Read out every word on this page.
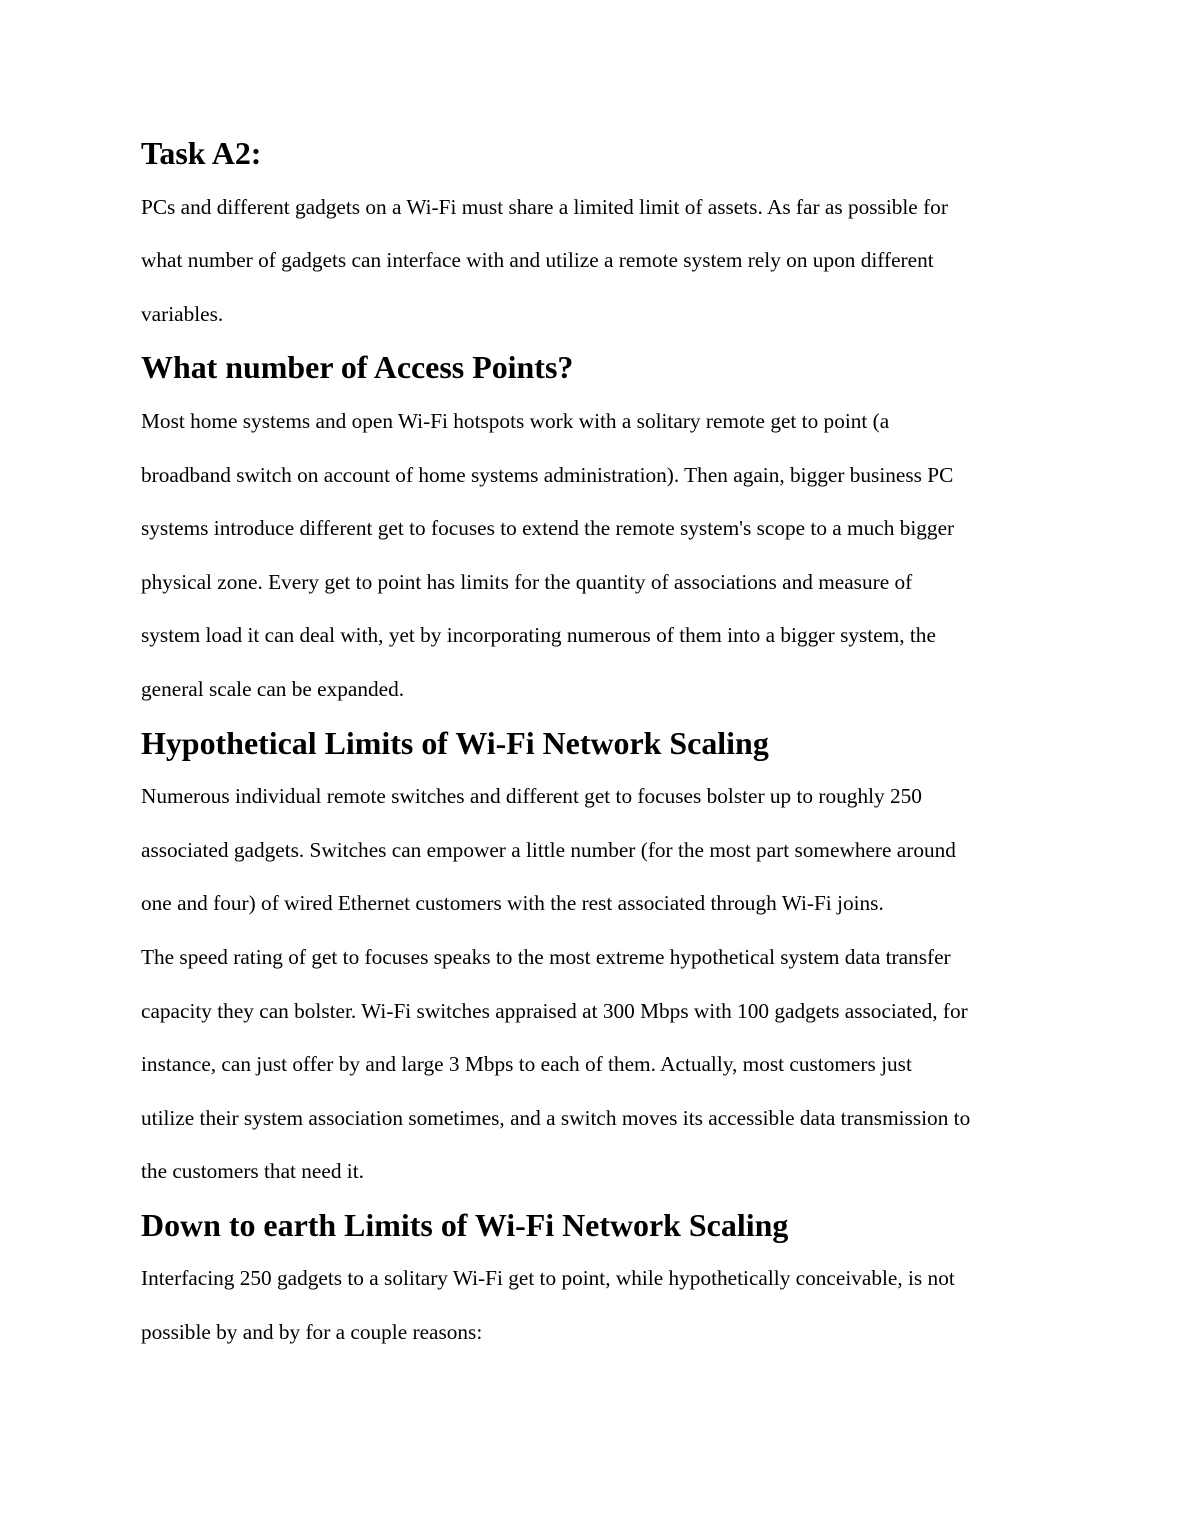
Task A2:
PCs and different gadgets on a Wi-Fi must share a limited limit of assets. As far as possible for
what number of gadgets can interface with and utilize a remote system rely on upon different
variables.
What number of Access Points?
Most home systems and open Wi-Fi hotspots work with a solitary remote get to point (a
broadband switch on account of home systems administration). Then again, bigger business PC
systems introduce different get to focuses to extend the remote system's scope to a much bigger
physical zone. Every get to point has limits for the quantity of associations and measure of
system load it can deal with, yet by incorporating numerous of them into a bigger system, the
general scale can be expanded.
Hypothetical Limits of Wi-Fi Network Scaling
Numerous individual remote switches and different get to focuses bolster up to roughly 250
associated gadgets. Switches can empower a little number (for the most part somewhere around
one and four) of wired Ethernet customers with the rest associated through Wi-Fi joins.
The speed rating of get to focuses speaks to the most extreme hypothetical system data transfer
capacity they can bolster. Wi-Fi switches appraised at 300 Mbps with 100 gadgets associated, for
instance, can just offer by and large 3 Mbps to each of them. Actually, most customers just
utilize their system association sometimes, and a switch moves its accessible data transmission to
the customers that need it.
Down to earth Limits of Wi-Fi Network Scaling
Interfacing 250 gadgets to a solitary Wi-Fi get to point, while hypothetically conceivable, is not
possible by and by for a couple reasons:
